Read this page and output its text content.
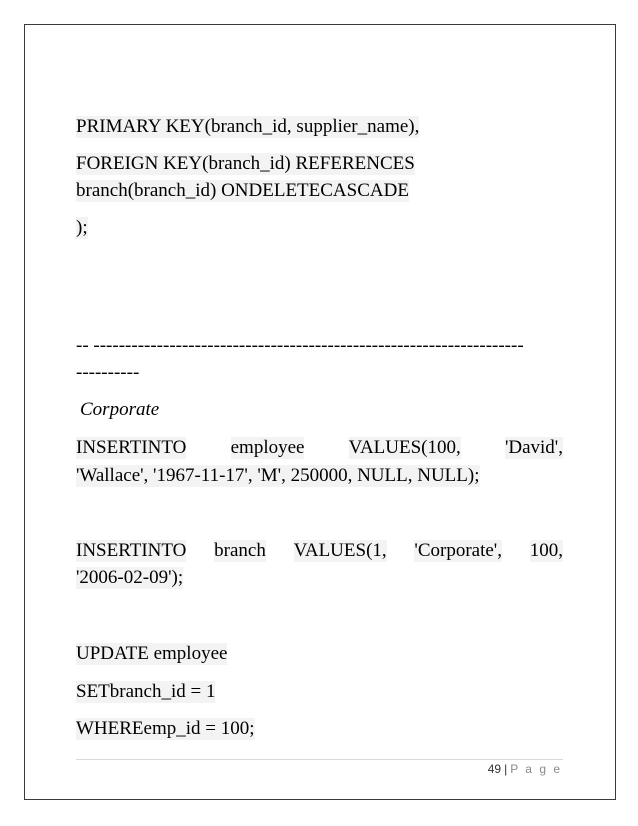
PRIMARY KEY(branch_id, supplier_name),

FOREIGN KEY(branch_id) REFERENCES

branch(branch_id) ONDELETECASCADE

);

-- --------------------------------------------------------------------

----------

Corporate

INSERTINTO employee VALUES(100, 'David',

'Wallace', '1967-11-17', 'M', 250000, NULL, NULL);

INSERTINTO branch VALUES(1, 'Corporate', 100,

'2006-02-09');

UPDATE employee

SETbranch_id = 1

WHEREemp_id = 100;

49 | P a g e
